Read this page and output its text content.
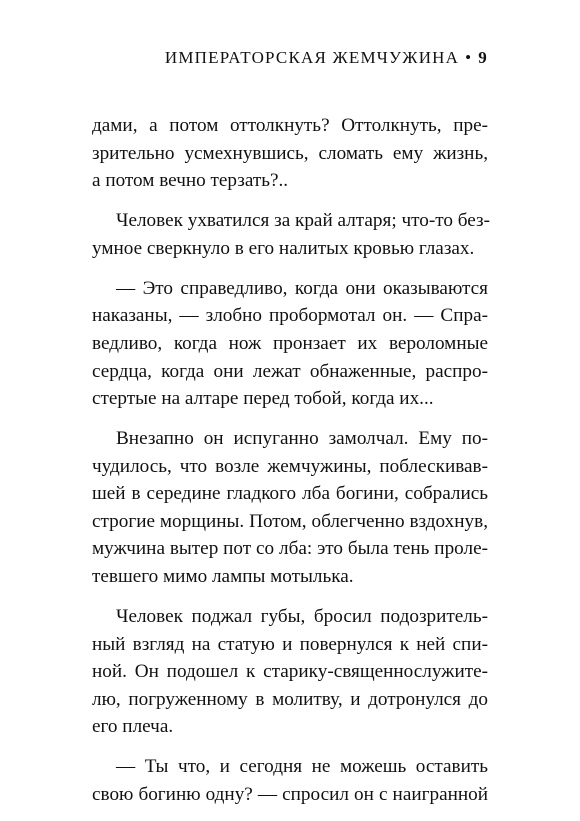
ИМПЕРАТОРСКАЯ ЖЕМЧУЖИНА • 9
дами, а потом оттолкнуть? Оттолкнуть, пре-
зрительно усмехнувшись, сломать ему жизнь,
а потом вечно терзать?..
Человек ухватился за край алтаря; что-то без-
умное сверкнуло в его налитых кровью глазах.
— Это справедливо, когда они оказываются
наказаны, — злобно пробормотал он. — Спра-
ведливо, когда нож пронзает их вероломные
сердца, когда они лежат обнаженные, распро-
стертые на алтаре перед тобой, когда их...
Внезапно он испуганно замолчал. Ему по-
чудилось, что возле жемчужины, поблескивав-
шей в середине гладкого лба богини, собрались
строгие морщины. Потом, облегченно вздохнув,
мужчина вытер пот со лба: это была тень проле-
тевшего мимо лампы мотылька.
Человек поджал губы, бросил подозритель-
ный взгляд на статую и повернулся к ней спи-
ной. Он подошел к старику-священнослужите-
лю, погруженному в молитву, и дотронулся до
его плеча.
— Ты что, и сегодня не можешь оставить
свою богиню одну? — спросил он с наигранной
